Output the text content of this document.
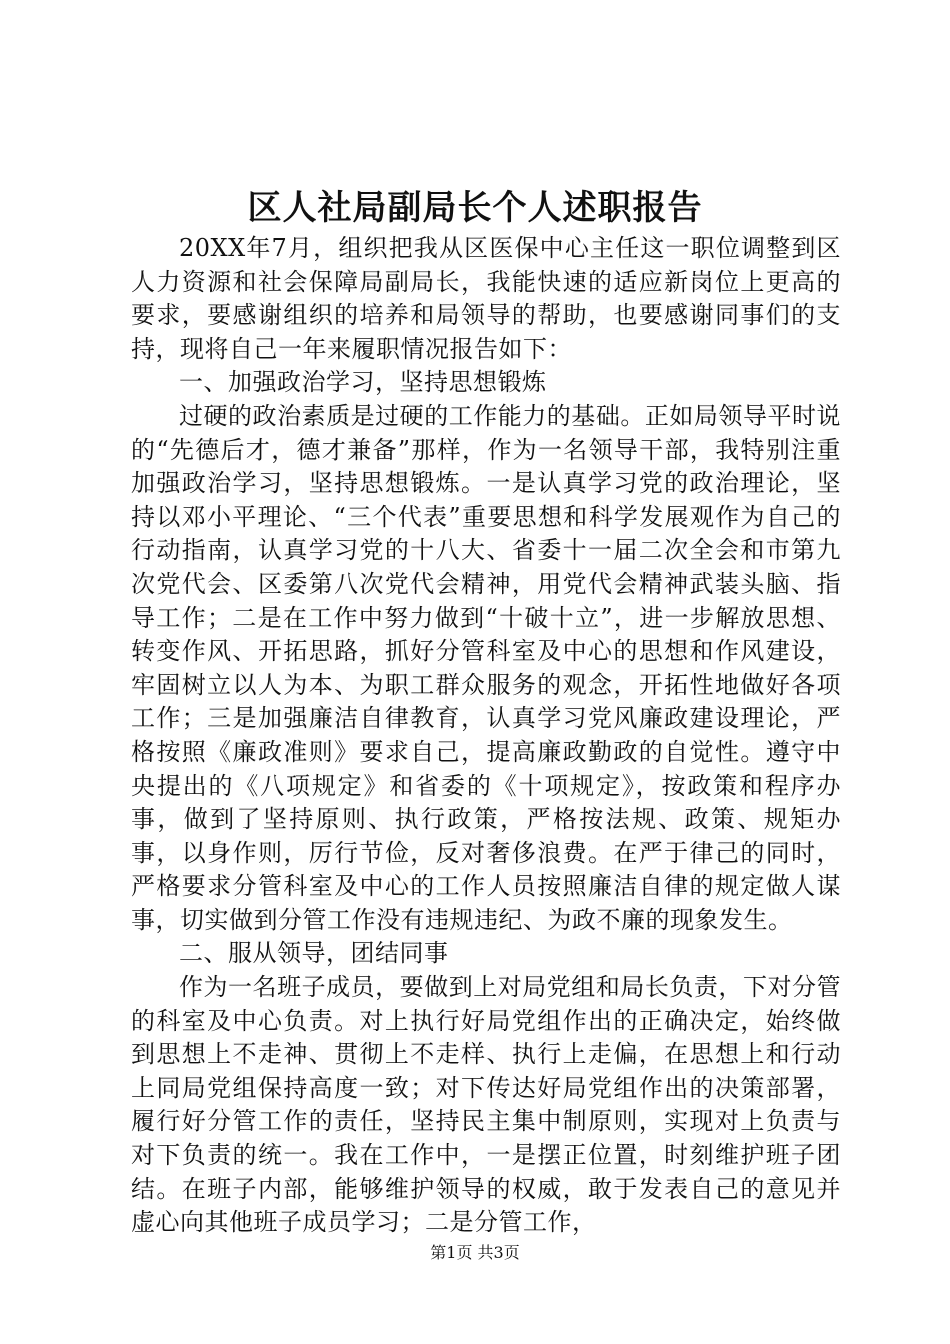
区人社局副局长个人述职报告

20XX年7月，组织把我从区医保中心主任这一职位调整到区人力资源和社会保障局副局长，我能快速的适应新岗位上更高的要求，要感谢组织的培养和局领导的帮助，也要感谢同事们的支持，现将自己一年来履职情况报告如下：

一、加强政治学习，坚持思想锻炼

过硬的政治素质是过硬的工作能力的基础。正如局领导平时说的“先德后才，德才兼备”那样，作为一名领导干部，我特别注重加强政治学习，坚持思想锻炼。一是认真学习党的政治理论，坚持以邓小平理论、“三个代表”重要思想和科学发展观作为自己的行动指南，认真学习党的十八大、省委十一届二次全会和市第九次党代会、区委第八次党代会精神，用党代会精神武装头脑、指导工作；二是在工作中努力做到“十破十立”，进一步解放思想、转变作风、开拓思路，抓好分管科室及中心的思想和作风建设，牢固树立以人为本、为职工群众服务的观念，开拓性地做好各项工作；三是加强廉洁自律教育，认真学习党风廉政建设理论，严格按照《廉政准则》要求自己，提高廉政勤政的自觉性。遵守中央提出的《八项规定》和省委的《十项规定》，按政策和程序办事，做到了坚持原则、执行政策，严格按法规、政策、规矩办事，以身作则，厉行节俭，反对奢侈浪费。在严于律己的同时，严格要求分管科室及中心的工作人员按照廉洁自律的规定做人谋事，切实做到分管工作没有违规违纪、为政不廉的现象发生。

二、服从领导，团结同事

作为一名班子成员，要做到上对局党组和局长负责，下对分管的科室及中心负责。对上执行好局党组作出的正确决定，始终做到思想上不走神、贯彻上不走样、执行上走偏，在思想上和行动上同局党组保持高度一致；对下传达好局党组作出的决策部署，履行好分管工作的责任，坚持民主集中制原则，实现对上负责与对下负责的统一。我在工作中，一是摆正位置，时刻维护班子团结。在班子内部，能够维护领导的权威，敢于发表自己的意见并虚心向其他班子成员学习；二是分管工作，

第1页 共3页
